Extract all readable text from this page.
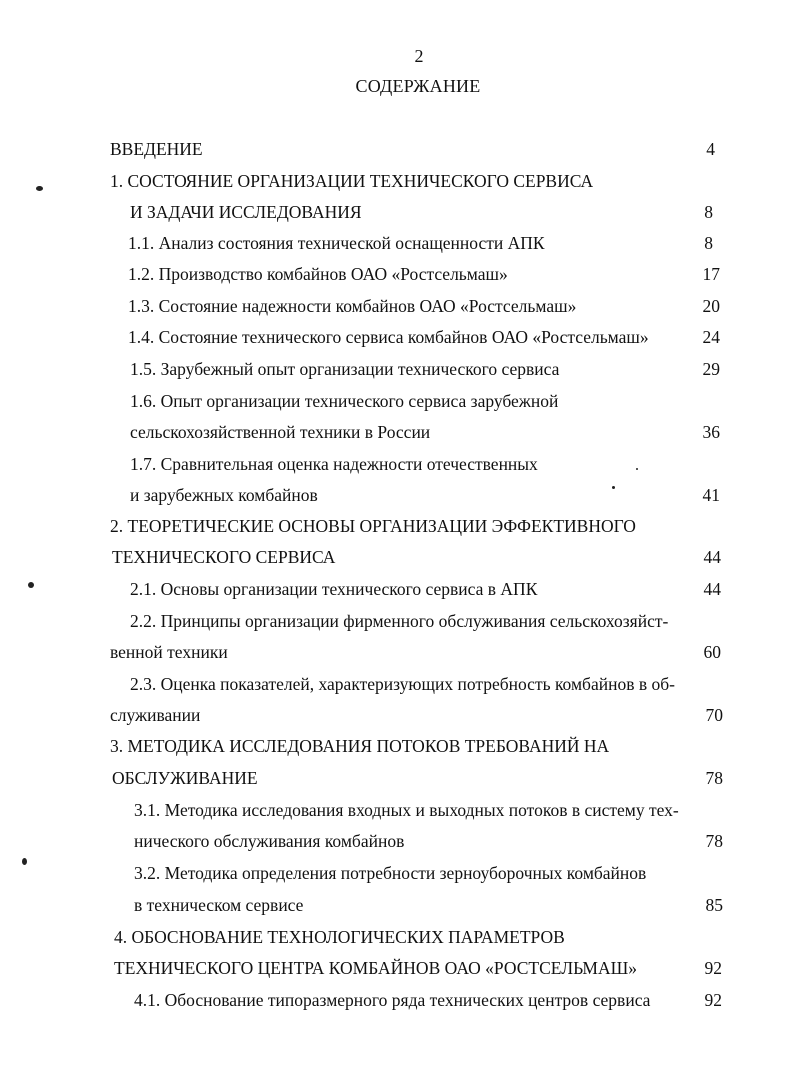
2
СОДЕРЖАНИЕ
ВВЕДЕНИЕ	4
1. СОСТОЯНИЕ ОРГАНИЗАЦИИ ТЕХНИЧЕСКОГО СЕРВИСА
И ЗАДАЧИ ИССЛЕДОВАНИЯ	8
1.1. Анализ состояния технической оснащенности АПК	8
1.2. Производство комбайнов ОАО «Ростсельмаш»	17
1.3. Состояние надежности комбайнов ОАО «Ростсельмаш»	20
1.4. Состояние технического сервиса комбайнов ОАО «Ростсельмаш»	24
1.5. Зарубежный опыт организации технического сервиса	29
1.6. Опыт организации технического сервиса зарубежной
сельскохозяйственной техники в России	36
1.7. Сравнительная оценка надежности отечественных
и зарубежных комбайнов	41
2. ТЕОРЕТИЧЕСКИЕ ОСНОВЫ ОРГАНИЗАЦИИ ЭФФЕКТИВНОГО
ТЕХНИЧЕСКОГО СЕРВИСА	44
2.1. Основы организации технического сервиса в АПК	44
2.2. Принципы организации фирменного обслуживания сельскохозяйст-
венной техники	60
2.3. Оценка показателей, характеризующих потребность комбайнов в об-
служивании	70
3. МЕТОДИКА ИССЛЕДОВАНИЯ ПОТОКОВ ТРЕБОВАНИЙ НА
ОБСЛУЖИВАНИЕ	78
3.1. Методика исследования входных и выходных потоков в систему тех-
нического обслуживания комбайнов	78
3.2. Методика определения потребности зерноуборочных комбайнов
в техническом сервисе	85
4. ОБОСНОВАНИЕ ТЕХНОЛОГИЧЕСКИХ ПАРАМЕТРОВ
ТЕХНИЧЕСКОГО ЦЕНТРА КОМБАЙНОВ ОАО «РОСТСЕЛЬМАШ»	92
4.1. Обоснование типоразмерного ряда технических центров сервиса	92
